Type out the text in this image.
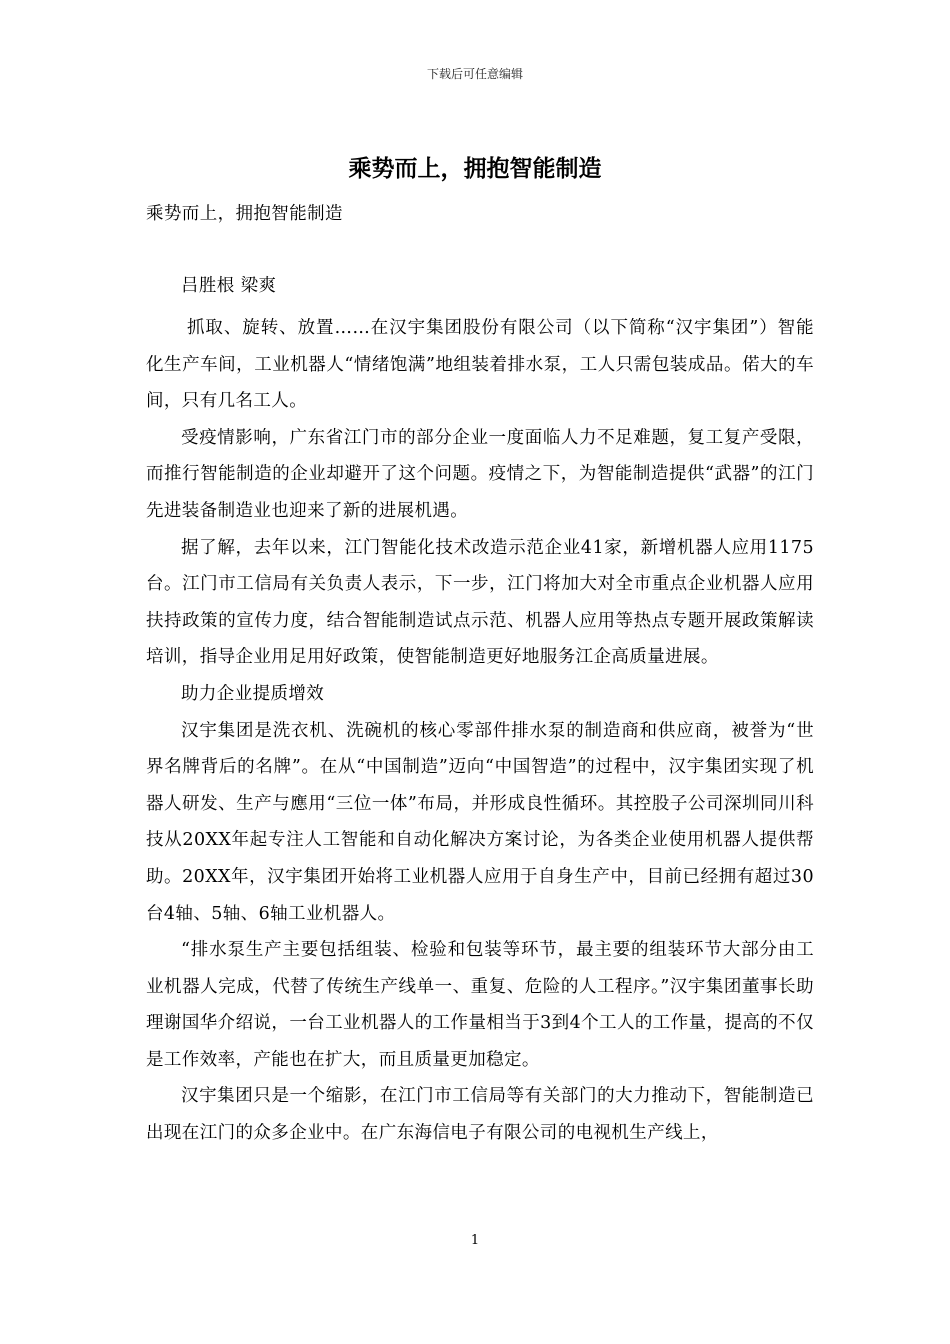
下载后可任意编辑
乘势而上，拥抱智能制造
乘势而上，拥抱智能制造
吕胜根 梁爽

抓取、旋转、放置……在汉宇集团股份有限公司（以下简称“汉宇集团”）智能化生产车间，工业机器人“情绪饱满”地组装着排水泵，工人只需包装成品。偌大的车间，只有几名工人。

受疫情影响，广东省江门市的部分企业一度面临人力不足难题，复工复产受限，而推行智能制造的企业却避开了这个问题。疫情之下，为智能制造提供“武器”的江门先进装备制造业也迎来了新的进展机遇。

据了解，去年以来，江门智能化技术改造示范企业41家，新增机器人应用1175台。江门市工信局有关负责人表示，下一步，江门将加大对全市重点企业机器人应用扶持政策的宣传力度，结合智能制造试点示范、机器人应用等热点专题开展政策解读培训，指导企业用足用好政策，使智能制造更好地服务江企高质量进展。

助力企业提质增效

汉宇集团是洗衣机、洗碗机的核心零部件排水泵的制造商和供应商，被誉为“世界名牌背后的名牌”。在从“中国制造”迈向“中国智造”的过程中，汉宇集团实现了机器人研发、生产与應用“三位一体”布局，并形成良性循环。其控股子公司深圳同川科技从20XX年起专注人工智能和自动化解决方案讨论，为各类企业使用机器人提供帮助。20XX年，汉宇集团开始将工业机器人应用于自身生产中，目前已经拥有超过30台4轴、5轴、6轴工业机器人。

“排水泵生产主要包括组装、检验和包装等环节，最主要的组装环节大部分由工业机器人完成，代替了传统生产线单一、重复、危险的人工程序。”汉宇集团董事长助理谢国华介绍说，一台工业机器人的工作量相当于3到4个工人的工作量，提高的不仅是工作效率，产能也在扩大，而且质量更加稳定。

汉宇集团只是一个缩影，在江门市工信局等有关部门的大力推动下，智能制造已出现在江门的众多企业中。在广东海信电子有限公司的电视机生产线上，

1
